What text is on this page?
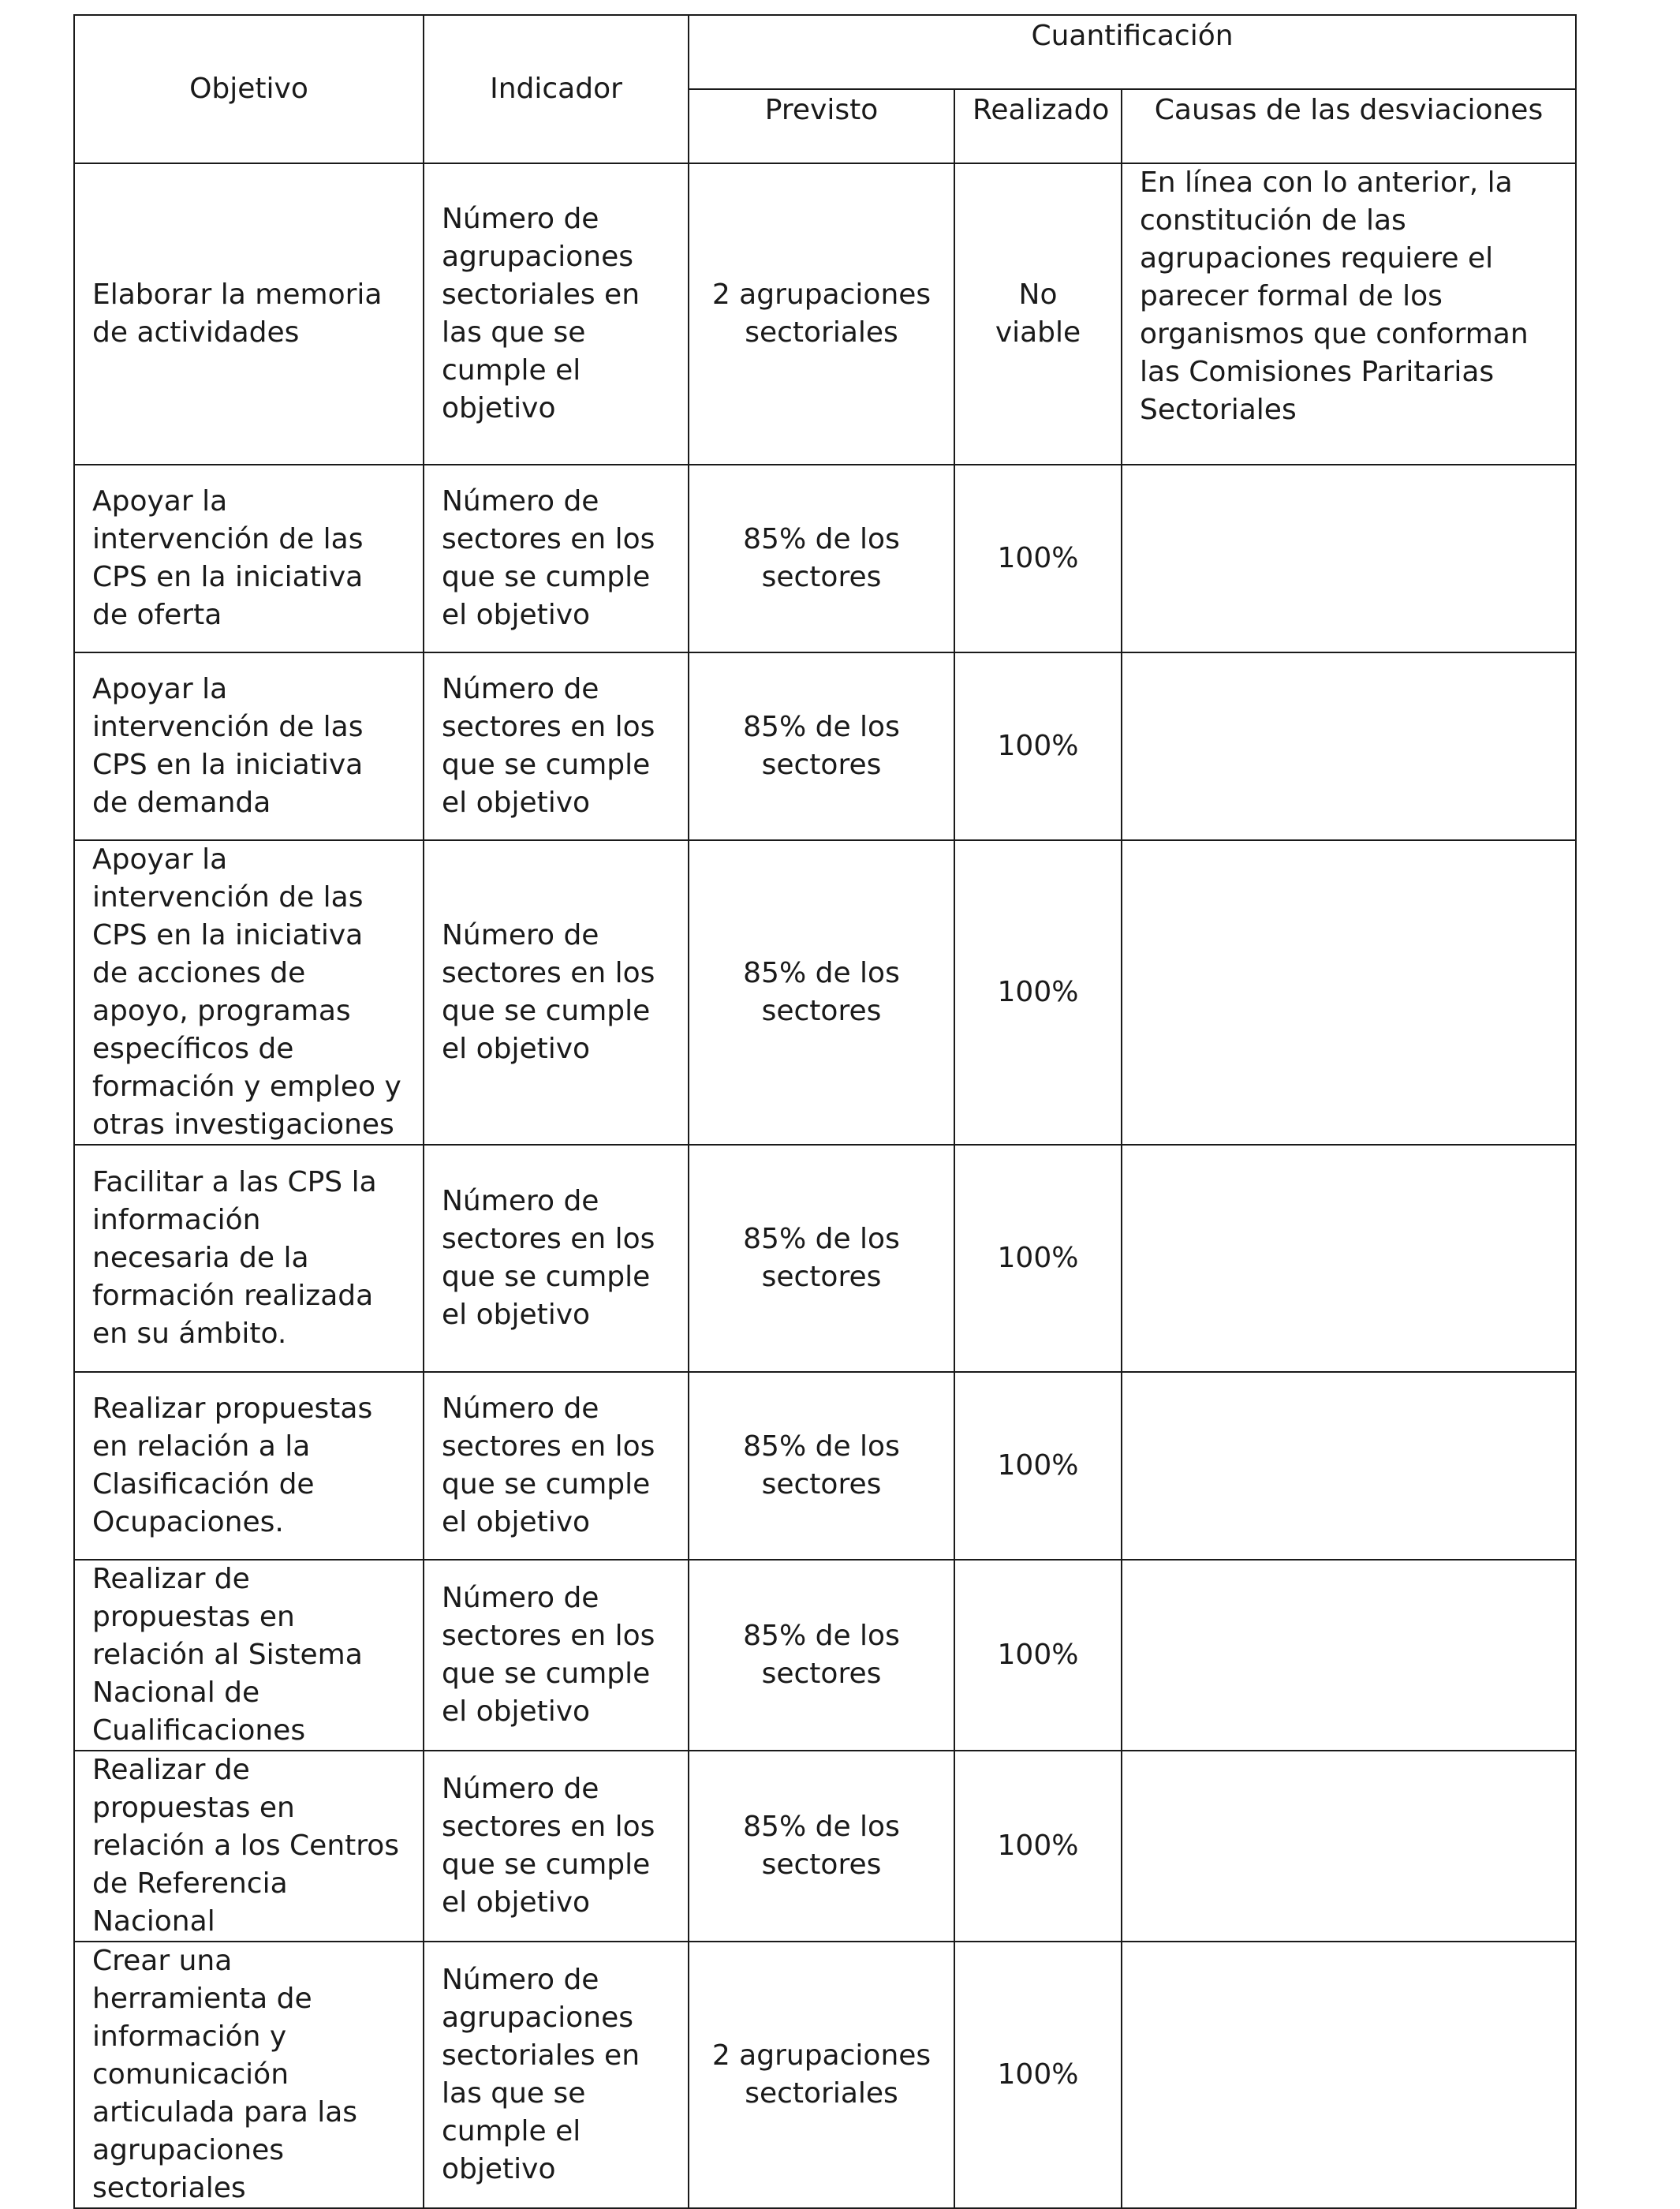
Objetivo	Indicador	Cuantificación		
		Previsto	Realizado	Causas de las desviaciones
Elaborar la memoria de actividades	Número de agrupaciones sectoriales en las que se cumple el objetivo	2 agrupaciones sectoriales	No viable	En línea con lo anterior, la constitución de las agrupaciones requiere el parecer formal de los organismos que conforman las Comisiones Paritarias Sectoriales
Apoyar la intervención de las CPS en la iniciativa de oferta	Número de sectores en los que se cumple el objetivo	85% de los sectores	100%	
Apoyar la intervención de las CPS en la iniciativa de demanda	Número de sectores en los que se cumple el objetivo	85% de los sectores	100%	
Apoyar la intervención de las CPS en la iniciativa de acciones de apoyo, programas específicos de formación y empleo y otras investigaciones	Número de sectores en los que se cumple el objetivo	85% de los sectores	100%	
Facilitar a las CPS la información necesaria de la formación realizada en su ámbito.	Número de sectores en los que se cumple el objetivo	85% de los sectores	100%	
Realizar propuestas en relación a la Clasificación de Ocupaciones.	Número de sectores en los que se cumple el objetivo	85% de los sectores	100%	
Realizar de propuestas en relación al Sistema Nacional de Cualificaciones	Número de sectores en los que se cumple el objetivo	85% de los sectores	100%	
Realizar de propuestas en relación a los Centros de Referencia Nacional	Número de sectores en los que se cumple el objetivo	85% de los sectores	100%	
Crear una herramienta de información y comunicación articulada para las agrupaciones sectoriales	Número de agrupaciones sectoriales en las que se cumple el objetivo	2 agrupaciones sectoriales	100%	
